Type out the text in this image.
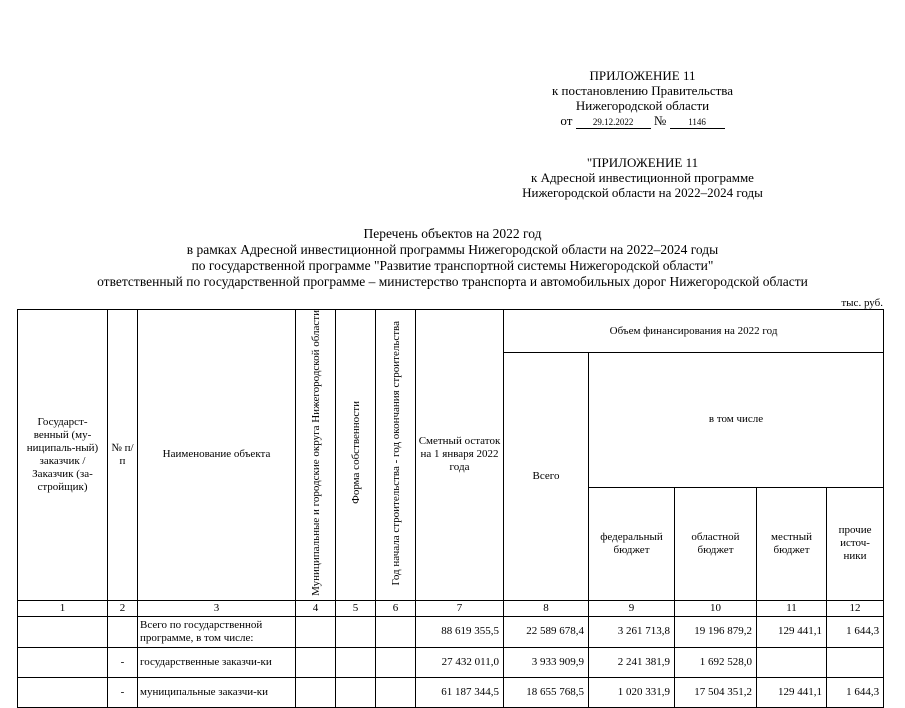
ПРИЛОЖЕНИЕ 11
к постановлению Правительства
Нижегородской области
от 29.12.2022 № 1146
"ПРИЛОЖЕНИЕ 11
к Адресной инвестиционной программе
Нижегородской области на 2022–2024 годы
Перечень объектов на 2022 год
в рамках Адресной инвестиционной программы Нижегородской области на 2022–2024 годы
по государственной программе "Развитие транспортной системы Нижегородской области"
ответственный по государственной программе – министерство транспорта и автомобильных дорог Нижегородской области
тыс. руб.
Государст-венный (му-ниципаль-ный) заказчик / Заказчик (за-стройщик)	№ п/п	Наименование объекта	Муниципальные и городские округа Нижегородской области	Форма собственности	Год начала строительства - год окончания строительства	Сметный остаток на 1 января 2022 года	Объем финансирования на 2022 год				
							Всего	в том числе			
								федеральный бюджет	областной бюджет	местный бюджет	прочие источ-ники
1	2	3	4	5	6	7	8	9	10	11	12
		Всего по государственной программе, в том числе:				88 619 355,5	22 589 678,4	3 261 713,8	19 196 879,2	129 441,1	1 644,3
	-	государственные заказчи-ки				27 432 011,0	3 933 909,9	2 241 381,9	1 692 528,0		
	-	муниципальные заказчи-ки				61 187 344,5	18 655 768,5	1 020 331,9	17 504 351,2	129 441,1	1 644,3
